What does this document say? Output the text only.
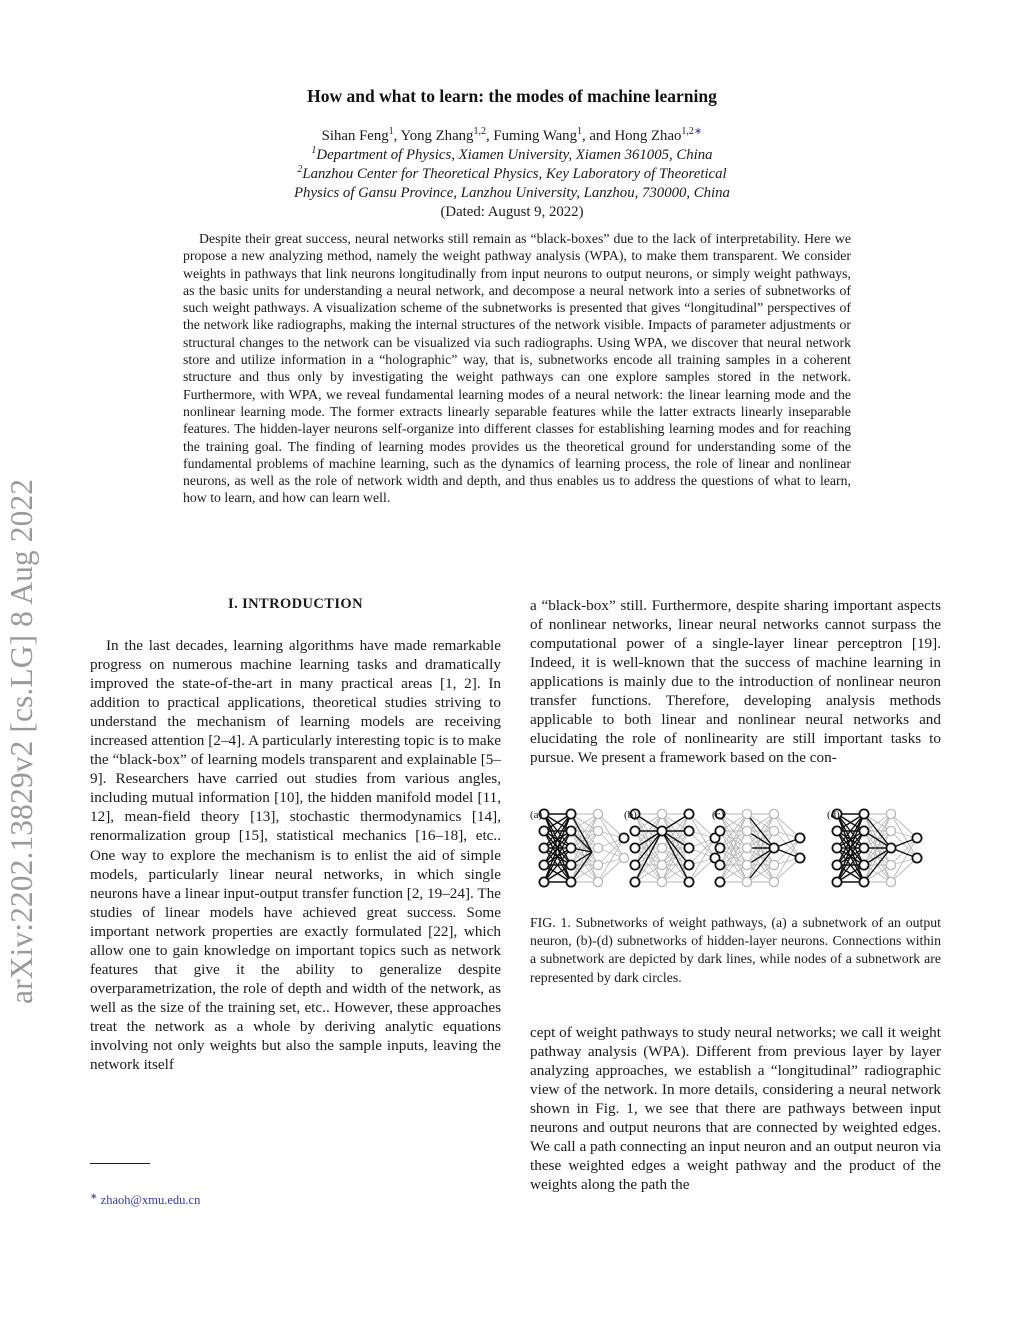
arXiv:2202.13829v2 [cs.LG] 8 Aug 2022
How and what to learn: the modes of machine learning
Sihan Feng$^1$, Yong Zhang$^{1,2}$, Fuming Wang$^1$, and Hong Zhao$^{1,2∗}$
$^1$Department of Physics, Xiamen University, Xiamen 361005, China
$^2$Lanzhou Center for Theoretical Physics, Key Laboratory of Theoretical
Physics of Gansu Province, Lanzhou University, Lanzhou, 730000, China
(Dated: August 9, 2022)

Despite their great success, neural networks still remain as “black-boxes” due to the lack of interpretability. Here we propose a new analyzing method, namely the weight pathway analysis (WPA), to make them transparent. We consider weights in pathways that link neurons longitudinally from input neurons to output neurons, or simply weight pathways, as the basic units for understanding a neural network, and decompose a neural network into a series of subnetworks of such weight pathways. A visualization scheme of the subnetworks is presented that gives “longitudinal” perspectives of the network like radiographs, making the internal structures of the network visible. Impacts of parameter adjustments or structural changes to the network can be visualized via such radiographs. Using WPA, we discover that neural network store and utilize information in a “holographic” way, that is, subnetworks encode all training samples in a coherent structure and thus only by investigating the weight pathways can one explore samples stored in the network. Furthermore, with WPA, we reveal fundamental learning modes of a neural network: the linear learning mode and the nonlinear learning mode. The former extracts linearly separable features while the latter extracts linearly inseparable features. The hidden-layer neurons self-organize into different classes for establishing learning modes and for reaching the training goal. The finding of learning modes provides us the theoretical ground for understanding some of the fundamental problems of machine learning, such as the dynamics of learning process, the role of linear and nonlinear neurons, as well as the role of network width and depth, and thus enables us to address the questions of what to learn, how to learn, and how can learn well.

I. INTRODUCTION

In the last decades, learning algorithms have made remarkable progress on numerous machine learning tasks and dramatically improved the state-of-the-art in many practical areas [1, 2]. In addition to practical applications, theoretical studies striving to understand the mechanism of learning models are receiving increased attention [2–4]. A particularly interesting topic is to make the “black-box” of learning models transparent and explainable [5–9]. Researchers have carried out studies from various angles, including mutual information [10], the hidden manifold model [11, 12], mean-field theory [13], stochastic thermodynamics [14], renormalization group [15], statistical mechanics [16–18], etc.. One way to explore the mechanism is to enlist the aid of simple models, particularly linear neural networks, in which single neurons have a linear input-output transfer function [2, 19–24]. The studies of linear models have achieved great success. Some important network properties are exactly formulated [22], which allow one to gain knowledge on important topics such as network features that give it the ability to generalize despite overparametrization, the role of depth and width of the network, as well as the size of the training set, etc.. However, these approaches treat the network as a whole by deriving analytic equations involving not only weights but also the sample inputs, leaving the network itself

a “black-box” still. Furthermore, despite sharing important aspects of nonlinear networks, linear neural networks cannot surpass the computational power of a single-layer linear perceptron [19]. Indeed, it is well-known that the success of machine learning in applications is mainly due to the introduction of nonlinear neuron transfer functions. Therefore, developing analysis methods applicable to both linear and nonlinear neural networks and elucidating the role of nonlinearity are still important tasks to pursue. We present a framework based on the con-

(a)	(b)	(c)	(d)
FIG. 1. Subnetworks of weight pathways, (a) a subnetwork of an output neuron, (b)-(d) subnetworks of hidden-layer neurons. Connections within a subnetwork are depicted by dark lines, while nodes of a subnetwork are represented by dark circles.

cept of weight pathways to study neural networks; we call it weight pathway analysis (WPA). Different from previous layer by layer analyzing approaches, we establish a “longitudinal” radiographic view of the network. In more details, considering a neural network shown in Fig. 1, we see that there are pathways between input neurons and output neurons that are connected by weighted edges. We call a path connecting an input neuron and an output neuron via these weighted edges a weight pathway and the product of the weights along the path the

∗ zhaoh@xmu.edu.cn
